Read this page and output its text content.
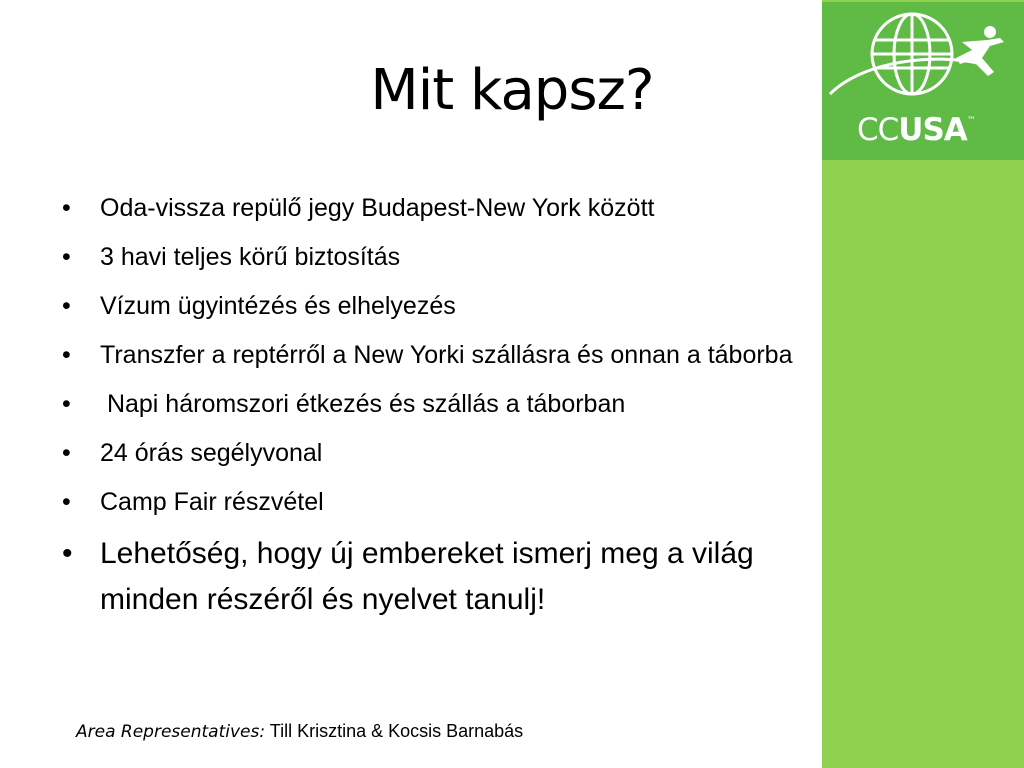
CCUSA™
Mit kapsz?
• Oda-vissza repülő jegy Budapest-New York között
• 3 havi teljes körű biztosítás
• Vízum ügyintézés és elhelyezés
• Transzfer a reptérről a New Yorki szállásra és onnan a táborba
• Napi háromszori étkezés és szállás a táborban
• 24 órás segélyvonal
• Camp Fair részvétel
• Lehetőség, hogy új embereket ismerj meg a világ minden részéről és nyelvet tanulj!
Area Representatives: Till Krisztina & Kocsis Barnabás
